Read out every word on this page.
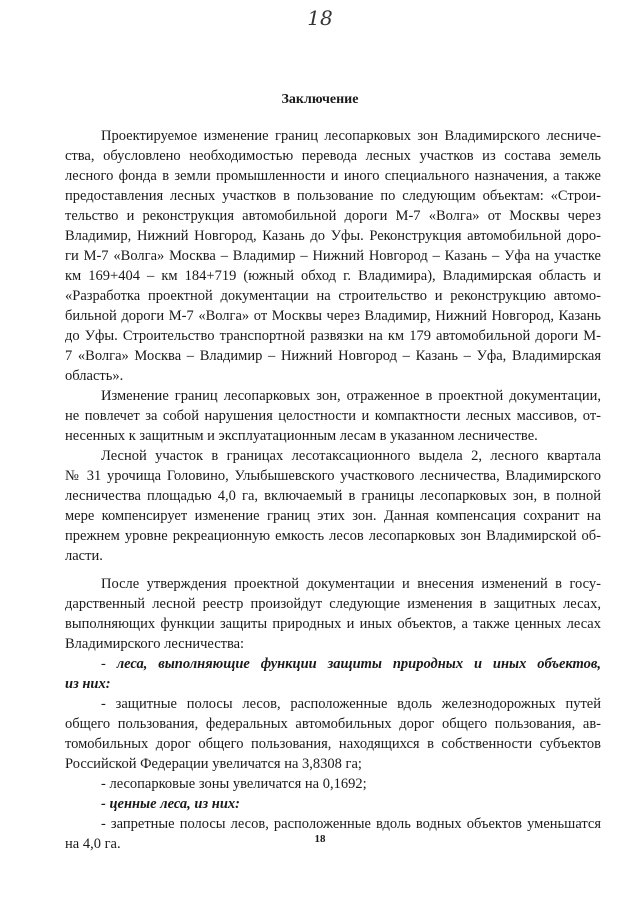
18
Заключение

Проектируемое изменение границ лесопарковых зон Владимирского лесниче-
ства, обусловлено необходимостью перевода лесных участков из состава земель
лесного фонда в земли промышленности и иного специального назначения, а также
предоставления лесных участков в пользование по следующим объектам: «Строи-
тельство и реконструкция автомобильной дороги М-7 «Волга» от Москвы через
Владимир, Нижний Новгород, Казань до Уфы. Реконструкция автомобильной доро-
ги М-7 «Волга» Москва – Владимир – Нижний Новгород – Казань – Уфа на участке
км 169+404 – км 184+719 (южный обход г. Владимира), Владимирская область и
«Разработка проектной документации на строительство и реконструкцию автомо-
бильной дороги М-7 «Волга» от Москвы через Владимир, Нижний Новгород, Казань
до Уфы. Строительство транспортной развязки на км 179 автомобильной дороги М-
7 «Волга» Москва – Владимир – Нижний Новгород – Казань – Уфа, Владимирская
область».

Изменение границ лесопарковых зон, отраженное в проектной документации,
не повлечет за собой нарушения целостности и компактности лесных массивов, от-
несенных к защитным и эксплуатационным лесам в указанном лесничестве.

Лесной участок в границах лесотаксационного выдела 2, лесного квартала
№ 31 урочища Головино, Улыбышевского участкового лесничества, Владимирского
лесничества площадью 4,0 га, включаемый в границы лесопарковых зон, в полной
мере компенсирует изменение границ этих зон. Данная компенсация сохранит на
прежнем уровне рекреационную емкость лесов лесопарковых зон Владимирской об-
ласти.

После утверждения проектной документации и внесения изменений в госу-
дарственный лесной реестр произойдут следующие изменения в защитных лесах,
выполняющих функции защиты природных и иных объектов, а также ценных лесах
Владимирского лесничества:

- леса, выполняющие функции защиты природных и иных объектов,
из них:

- защитные полосы лесов, расположенные вдоль железнодорожных путей
общего пользования, федеральных автомобильных дорог общего пользования, ав-
томобильных дорог общего пользования, находящихся в собственности субъектов
Российской Федерации увеличатся на 3,8308 га;

- лесопарковые зоны увеличатся на 0,1692;

- ценные леса, из них:

- запретные полосы лесов, расположенные вдоль водных объектов уменьшатся
на 4,0 га.	18
